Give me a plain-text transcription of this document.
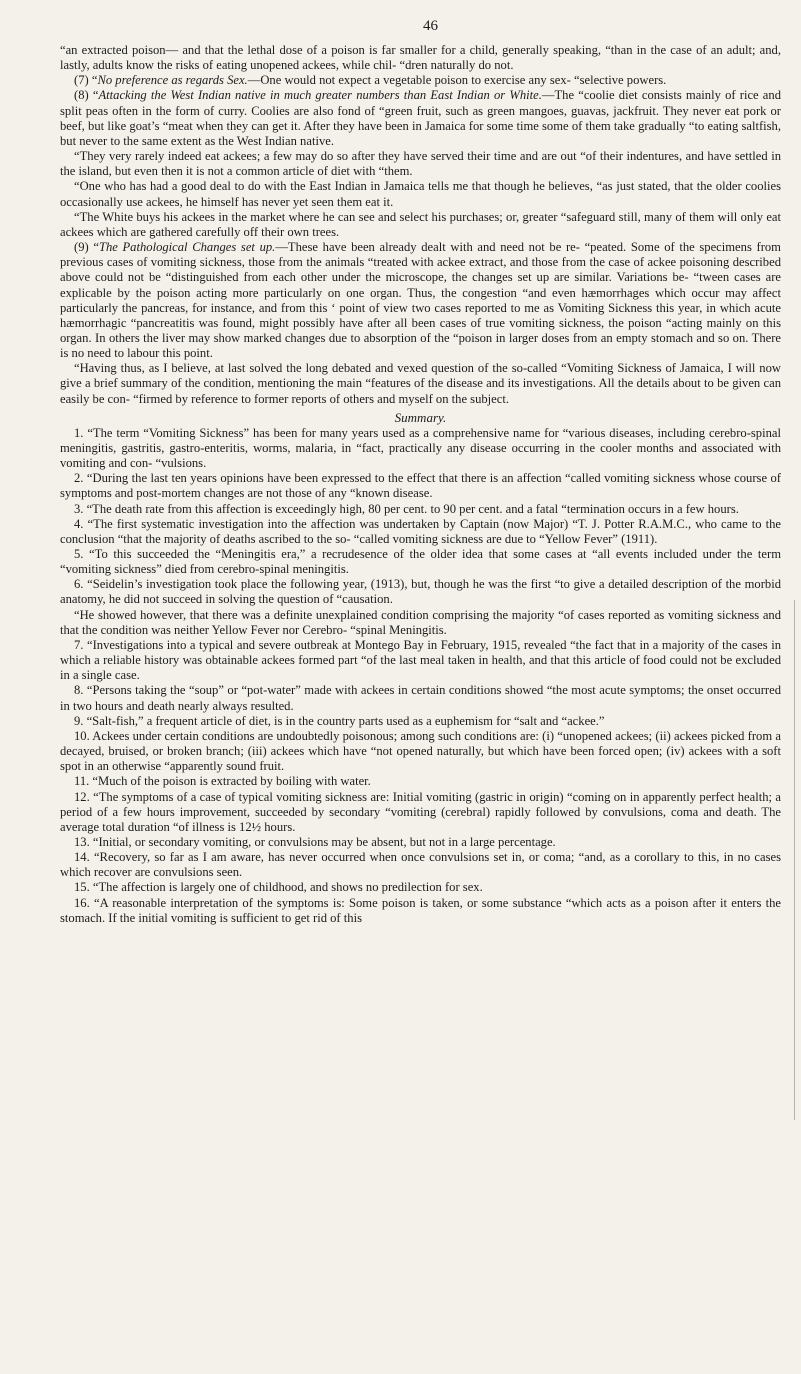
46

“an extracted poison— and that the lethal dose of a poison is far smaller for a child, generally speaking, “than in the case of an adult; and, lastly, adults know the risks of eating unopened ackees, while chil- “dren naturally do not.

(7) “No preference as regards Sex.—One would not expect a vegetable poison to exercise any sex- “selective powers.

(8) “Attacking the West Indian native in much greater numbers than East Indian or White.—The “coolie diet consists mainly of rice and split peas often in the form of curry. Coolies are also fond of “green fruit, such as green mangoes, guavas, jackfruit. They never eat pork or beef, but like goat’s “meat when they can get it. After they have been in Jamaica for some time some of them take gradually “to eating saltfish, but never to the same extent as the West Indian native.

“They very rarely indeed eat ackees; a few may do so after they have served their time and are out “of their indentures, and have settled in the island, but even then it is not a common article of diet with “them.

“One who has had a good deal to do with the East Indian in Jamaica tells me that though he believes, “as just stated, that the older coolies occasionally use ackees, he himself has never yet seen them eat it.

“The White buys his ackees in the market where he can see and select his purchases; or, greater “safeguard still, many of them will only eat ackees which are gathered carefully off their own trees.

(9) “The Pathological Changes set up.—These have been already dealt with and need not be re- “peated. Some of the specimens from previous cases of vomiting sickness, those from the animals “treated with ackee extract, and those from the case of ackee poisoning described above could not be “distinguished from each other under the microscope, the changes set up are similar. Variations be- “tween cases are explicable by the poison acting more particularly on one organ. Thus, the congestion “and even hæmorrhages which occur may affect particularly the pancreas, for instance, and from this ‘ point of view two cases reported to me as Vomiting Sickness this year, in which acute hæmorrhagic “pancreatitis was found, might possibly have after all been cases of true vomiting sickness, the poison “acting mainly on this organ. In others the liver may show marked changes due to absorption of the “poison in larger doses from an empty stomach and so on. There is no need to labour this point.

“Having thus, as I believe, at last solved the long debated and vexed question of the so-called “Vomiting Sickness of Jamaica, I will now give a brief summary of the condition, mentioning the main “features of the disease and its investigations. All the details about to be given can easily be con- “firmed by reference to former reports of others and myself on the subject.

Summary.

1. “The term “Vomiting Sickness” has been for many years used as a comprehensive name for “various diseases, including cerebro-spinal meningitis, gastritis, gastro-enteritis, worms, malaria, in “fact, practically any disease occurring in the cooler months and associated with vomiting and con- “vulsions.

2. “During the last ten years opinions have been expressed to the effect that there is an affection “called vomiting sickness whose course of symptoms and post-mortem changes are not those of any “known disease.

3. “The death rate from this affection is exceedingly high, 80 per cent. to 90 per cent. and a fatal “termination occurs in a few hours.

4. “The first systematic investigation into the affection was undertaken by Captain (now Major) “T. J. Potter R.A.M.C., who came to the conclusion “that the majority of deaths ascribed to the so- “called vomiting sickness are due to “Yellow Fever” (1911).

5. “To this succeeded the “Meningitis era,” a recrudesence of the older idea that some cases at “all events included under the term “vomiting sickness” died from cerebro-spinal meningitis.

6. “Seidelin’s investigation took place the following year, (1913), but, though he was the first “to give a detailed description of the morbid anatomy, he did not succeed in solving the question of “causation.

“He showed however, that there was a definite unexplained condition comprising the majority “of cases reported as vomiting sickness and that the condition was neither Yellow Fever nor Cerebro- “spinal Meningitis.

7. “Investigations into a typical and severe outbreak at Montego Bay in February, 1915, revealed “the fact that in a majority of the cases in which a reliable history was obtainable ackees formed part “of the last meal taken in health, and that this article of food could not be excluded in a single case.

8. “Persons taking the “soup” or “pot-water” made with ackees in certain conditions showed “the most acute symptoms; the onset occurred in two hours and death nearly always resulted.

9. “Salt-fish,” a frequent article of diet, is in the country parts used as a euphemism for “salt and “ackee.”

10. Ackees under certain conditions are undoubtedly poisonous; among such conditions are: (i) “unopened ackees; (ii) ackees picked from a decayed, bruised, or broken branch; (iii) ackees which have “not opened naturally, but which have been forced open; (iv) ackees with a soft spot in an otherwise “apparently sound fruit.

11. “Much of the poison is extracted by boiling with water.

12. “The symptoms of a case of typical vomiting sickness are: Initial vomiting (gastric in origin) “coming on in apparently perfect health; a period of a few hours improvement, succeeded by secondary “vomiting (cerebral) rapidly followed by convulsions, coma and death. The average total duration “of illness is 12½ hours.

13. “Initial, or secondary vomiting, or convulsions may be absent, but not in a large percentage.

14. “Recovery, so far as I am aware, has never occurred when once convulsions set in, or coma; “and, as a corollary to this, in no cases which recover are convulsions seen.

15. “The affection is largely one of childhood, and shows no predilection for sex.

16. “A reasonable interpretation of the symptoms is: Some poison is taken, or some substance “which acts as a poison after it enters the stomach. If the initial vomiting is sufficient to get rid of this
